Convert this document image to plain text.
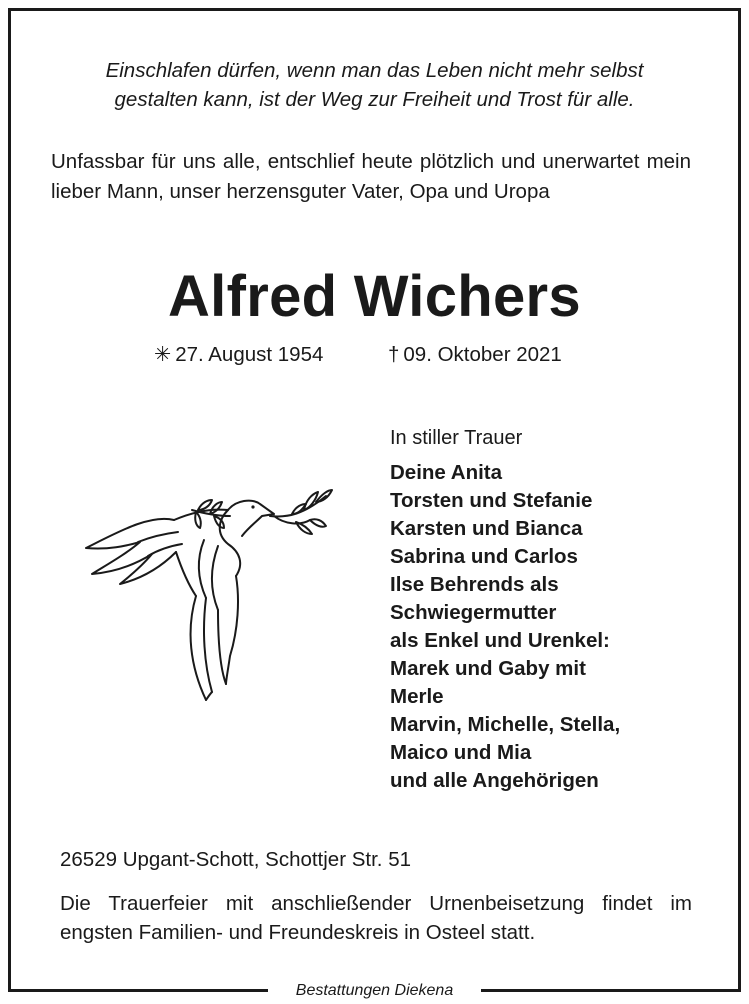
Einschlafen dürfen, wenn man das Leben nicht mehr selbst
gestalten kann, ist der Weg zur Freiheit und Trost für alle.
Unfassbar für uns alle, entschlief heute plötzlich und unerwartet mein lieber Mann, unser herzensguter Vater, Opa und Uropa
Alfred Wichers
✳ 27. August 1954	† 09. Oktober 2021
In stiller Trauer
Deine Anita
Torsten und Stefanie
Karsten und Bianca
Sabrina und Carlos
Ilse Behrends als
Schwiegermutter
als Enkel und Urenkel:
Marek und Gaby mit
Merle
Marvin, Michelle, Stella,
Maico und Mia
und alle Angehörigen
26529 Upgant-Schott, Schottjer Str. 51
Die Trauerfeier mit anschließender Urnenbeisetzung findet im engsten Familien- und Freundeskreis in Osteel statt.
Bestattungen Diekena
